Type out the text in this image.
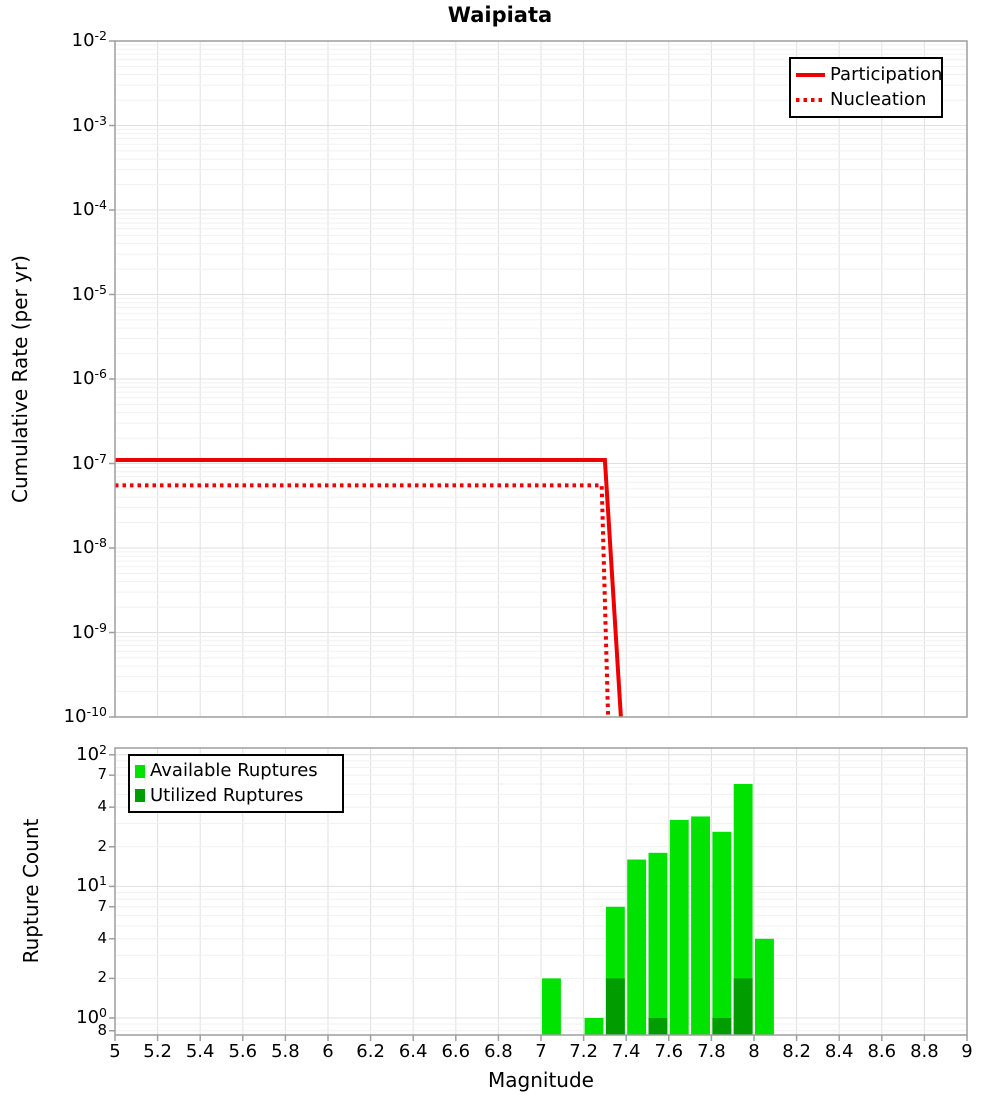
Waipiata
$10^{-2}$
$10^{-3}$
$10^{-4}$
$10^{-5}$
$10^{-6}$
$10^{-7}$
$10^{-8}$
$10^{-9}$
$10^{-10}$
$10^2$
7
4
2
$10^1$
7
4
2
$10^0$
8
5	5.2 5.4 5.6 5.8	6	6.2 6.4 6.6 6.8	7	7.2 7.4 7.6 7.8	8	8.2 8.4 8.6 8.8	9
Cumulative Rate (per yr)
Rupture Count
Magnitude
Participation
Nucleation
Available Ruptures
Utilized Ruptures
